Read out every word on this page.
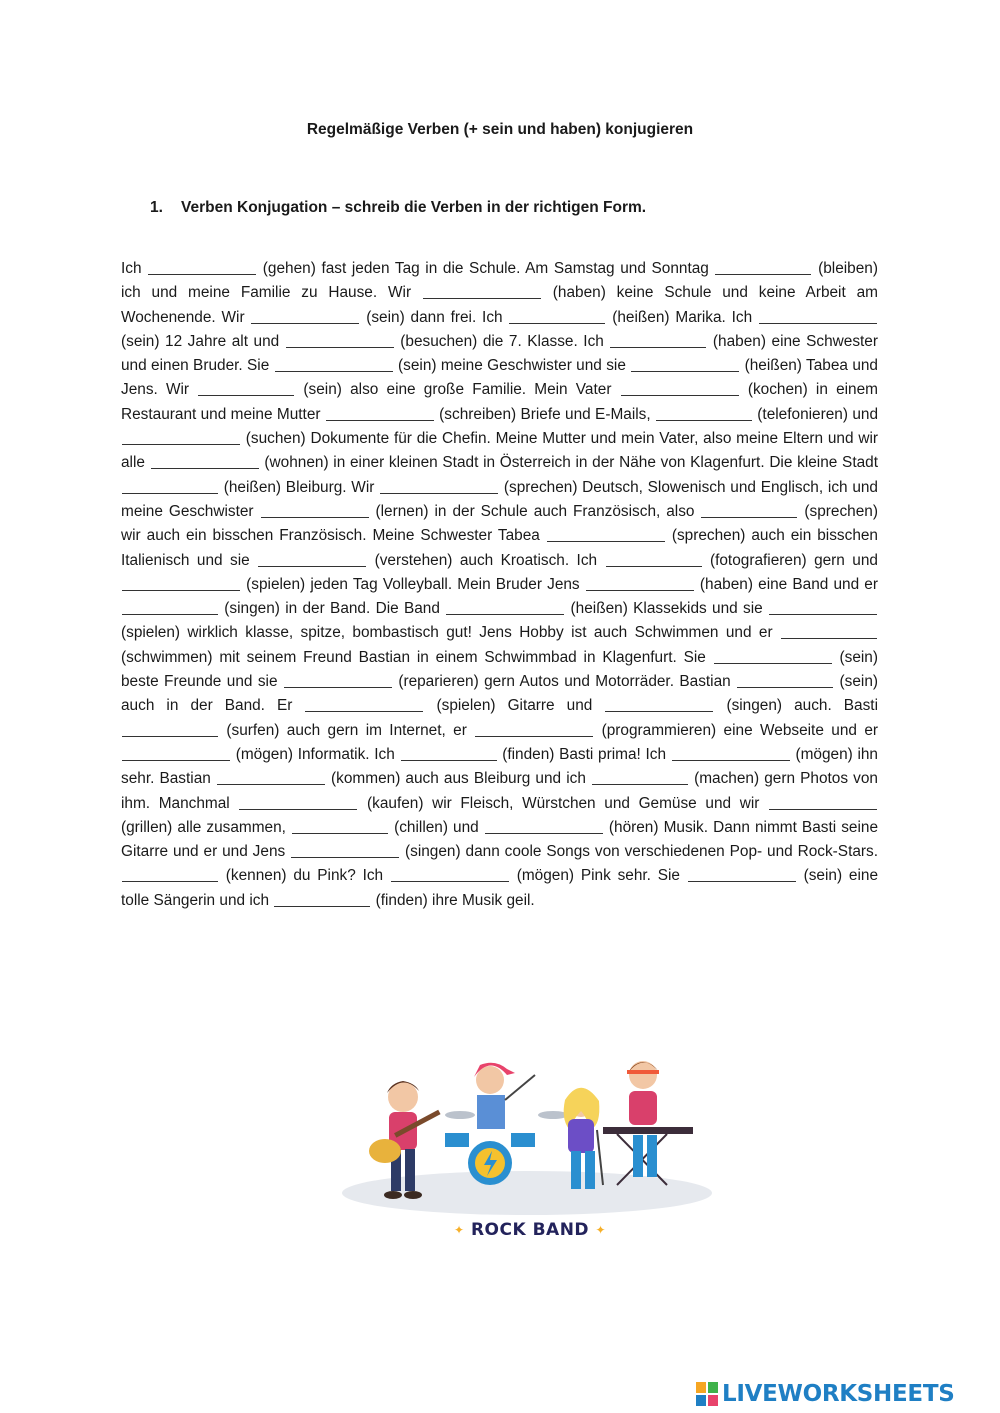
Regelmäßige Verben (+ sein und haben) konjugieren
1. Verben Konjugation – schreib die Verben in der richtigen Form.

Ich	(gehen) fast jeden Tag in die Schule. Am Samstag und Sonntag	(bleiben) ich und meine Familie zu Hause. Wir	(haben) keine Schule und keine Arbeit am Wochenende. Wir	(sein) dann frei. Ich	(heißen) Marika. Ich
(sein) 12 Jahre alt und	(besuchen) die 7. Klasse. Ich	(haben) eine Schwester und einen Bruder. Sie	(sein) meine Geschwister und sie	(heißen) Tabea und Jens. Wir	(sein) also eine große Familie. Mein Vater	(kochen) in einem Restaurant und meine Mutter	(schreiben) Briefe und E-Mails,	(telefonieren) und
(suchen) Dokumente für die Chefin. Meine Mutter und mein Vater, also meine Eltern und wir alle	(wohnen) in einer kleinen Stadt in Österreich in der Nähe von Klagenfurt. Die kleine Stadt
(heißen) Bleiburg. Wir	(sprechen) Deutsch, Slowenisch und Englisch, ich und meine Geschwister	(lernen) in der Schule auch Französisch, also	(sprechen) wir auch ein bisschen Französisch. Meine Schwester Tabea	(sprechen) auch ein bisschen Italienisch und sie	(verstehen) auch Kroatisch. Ich	(fotografieren) gern und
(spielen) jeden Tag Volleyball. Mein Bruder Jens	(haben) eine Band und er
(singen) in der Band. Die Band	(heißen) Klassekids und sie
(spielen) wirklich klasse, spitze, bombastisch gut! Jens Hobby ist auch Schwimmen und er
(schwimmen) mit seinem Freund Bastian in einem Schwimmbad in Klagenfurt. Sie	(sein) beste Freunde und sie	(reparieren) gern Autos und Motorräder. Bastian	(sein) auch in der Band. Er	(spielen) Gitarre und	(singen) auch. Basti
(surfen) auch gern im Internet, er	(programmieren) eine Webseite und er
(mögen) Informatik. Ich	(finden) Basti prima! Ich	(mögen) ihn sehr. Bastian	(kommen) auch aus Bleiburg und ich	(machen) gern Photos von ihm. Manchmal	(kaufen) wir Fleisch, Würstchen und Gemüse und wir
(grillen) alle zusammen,	(chillen) und	(hören) Musik. Dann nimmt Basti seine Gitarre und er und Jens	(singen) dann coole Songs von verschiedenen Pop- und Rock-Stars.
(kennen) du Pink? Ich	(mögen) Pink sehr. Sie	(sein) eine tolle Sängerin und ich	(finden) ihre Musik geil.

✦ ROCK BAND ✦
LIVEWORKSHEETS
